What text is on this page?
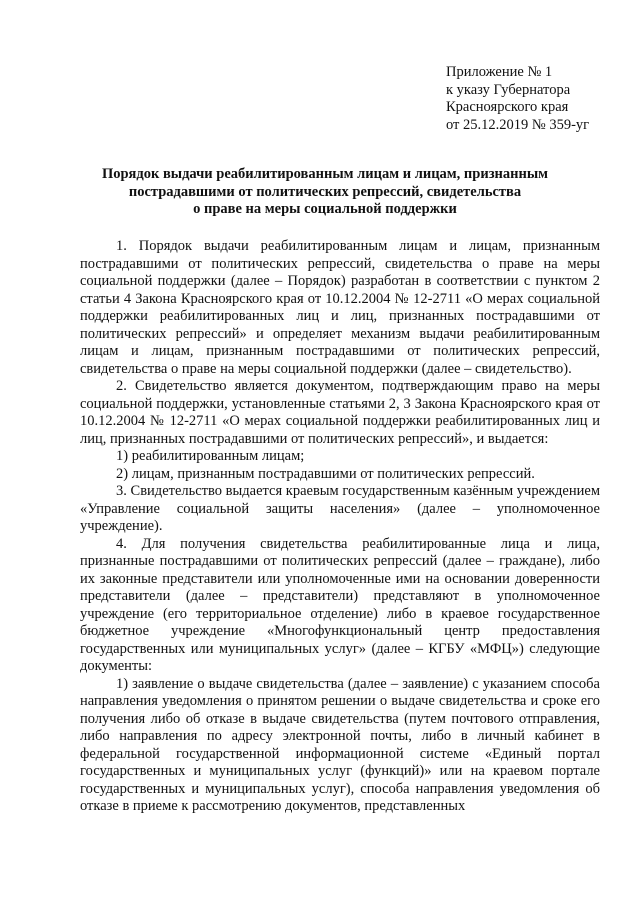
Приложение № 1
к указу Губернатора
Красноярского края
от 25.12.2019 № 359-уг
Порядок выдачи реабилитированным лицам и лицам, признанным
пострадавшими от политических репрессий, свидетельства
о праве на меры социальной поддержки

1. Порядок выдачи реабилитированным лицам и лицам, признанным пострадавшими от политических репрессий, свидетельства о праве на меры социальной поддержки (далее – Порядок) разработан в соответствии с пунктом 2 статьи 4 Закона Красноярского края от 10.12.2004 № 12-2711 «О мерах социальной поддержки реабилитированных лиц и лиц, признанных пострадавшими от политических репрессий» и определяет механизм выдачи реабилитированным лицам и лицам, признанным пострадавшими от политических репрессий, свидетельства о праве на меры социальной поддержки (далее – свидетельство).

2. Свидетельство является документом, подтверждающим право на меры социальной поддержки, установленные статьями 2, 3 Закона Красноярского края от 10.12.2004 № 12-2711 «О мерах социальной поддержки реабилитированных лиц и лиц, признанных пострадавшими от политических репрессий», и выдается:

1) реабилитированным лицам;

2) лицам, признанным пострадавшими от политических репрессий.

3. Свидетельство выдается краевым государственным казённым учреждением «Управление социальной защиты населения» (далее – уполномоченное учреждение).

4. Для получения свидетельства реабилитированные лица и лица, признанные пострадавшими от политических репрессий (далее – граждане), либо их законные представители или уполномоченные ими на основании доверенности представители (далее – представители) представляют в уполномоченное учреждение (его территориальное отделение) либо в краевое государственное бюджетное учреждение «Многофункциональный центр предоставления государственных или муниципальных услуг» (далее – КГБУ «МФЦ») следующие документы:

1) заявление о выдаче свидетельства (далее – заявление) с указанием способа направления уведомления о принятом решении о выдаче свидетельства и сроке его получения либо об отказе в выдаче свидетельства (путем почтового отправления, либо направления по адресу электронной почты, либо в личный кабинет в федеральной государственной информационной системе «Единый портал государственных и муниципальных услуг (функций)» или на краевом портале государственных и муниципальных услуг), способа направления уведомления об отказе в приеме к рассмотрению документов, представленных
